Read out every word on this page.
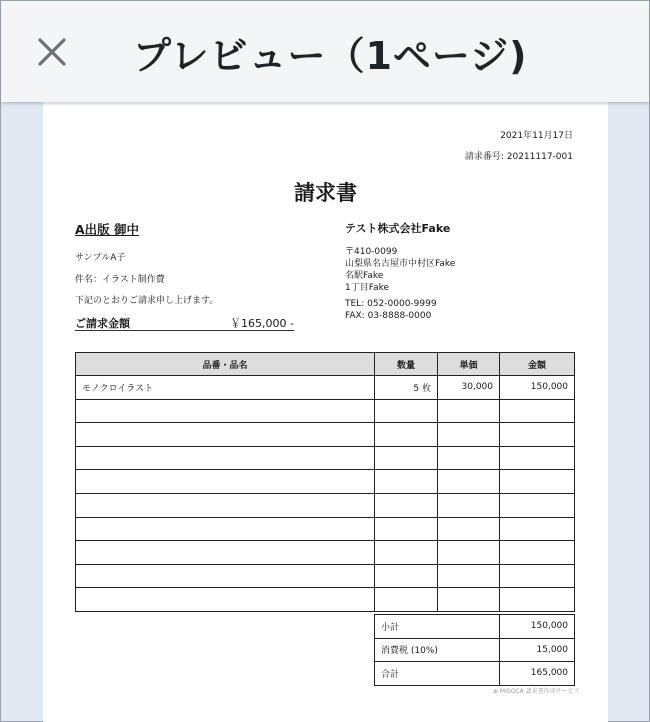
プレビュー（1ページ)
2021年11月17日
請求番号: 20211117-001
請求書
A出版 御中
サンプルA子
件名：イラスト制作費
下記のとおりご請求申し上げます。
ご請求金額	￥165,000 -
テスト株式会社Fake
〒410-0099
山梨県名古屋市中村区Fake
名駅Fake
1丁目Fake
TEL: 052-0000-9999
FAX: 03-8888-0000
品番・品名	数量	単価	金額
モノクロイラスト	5 枚	30,000	150,000

小計	150,000
消費税 (10%)	15,000
合計	165,000
⊕ MISOCA 請求書作成サービス
